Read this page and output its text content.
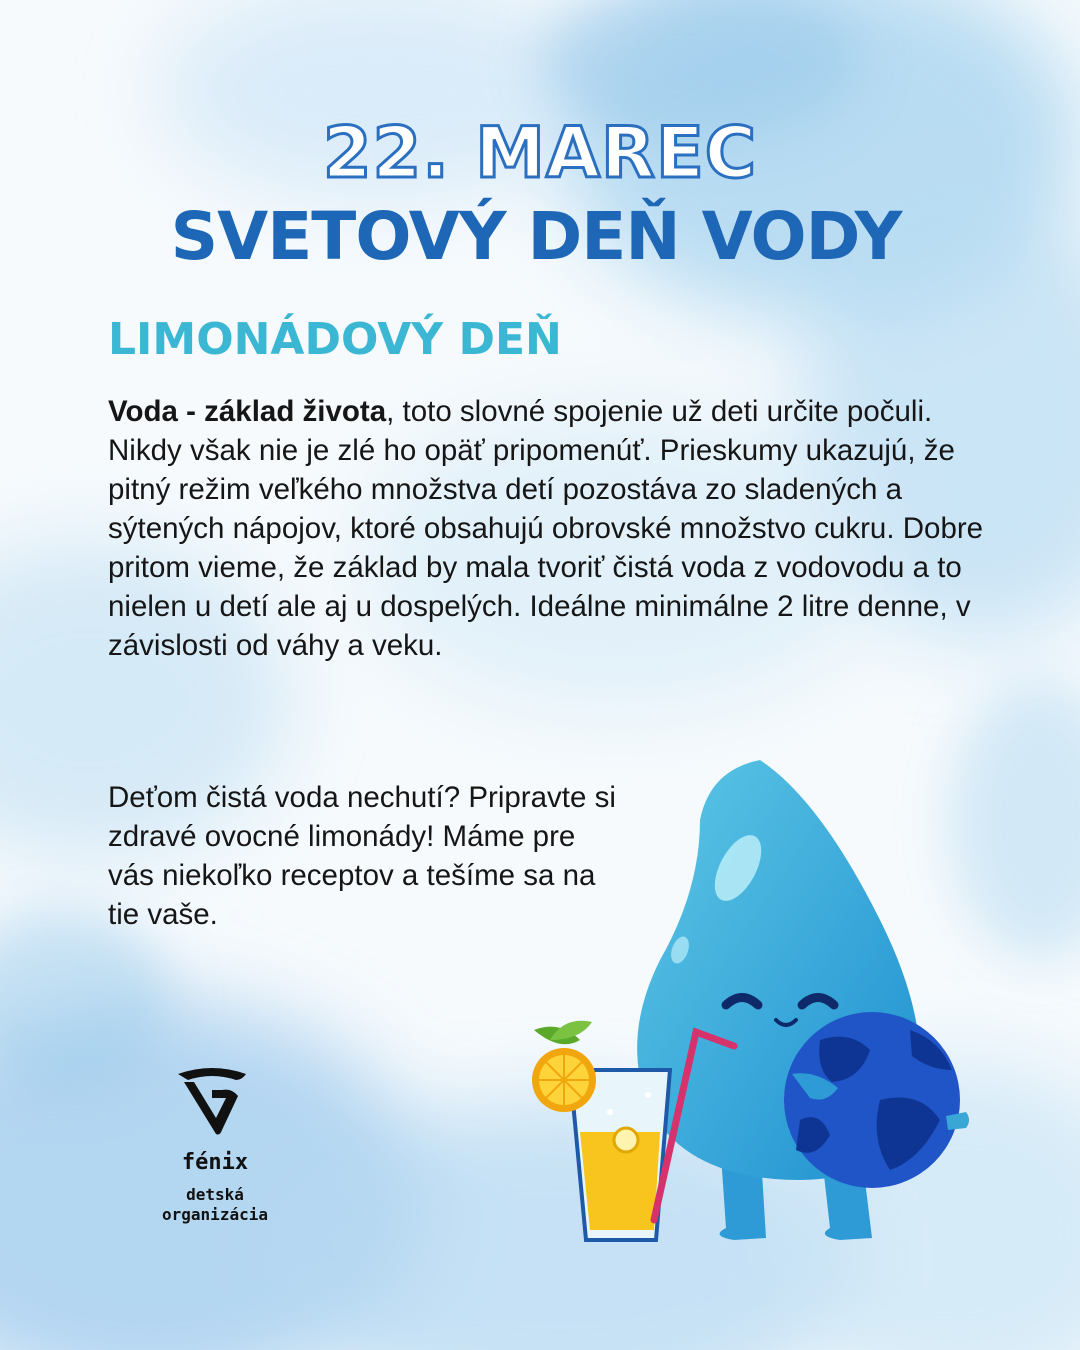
22. MAREC
SVETOVÝ DEŇ VODY
LIMONÁDOVÝ DEŇ
Voda - základ života, toto slovné spojenie už deti určite počuli. Nikdy však nie je zlé ho opäť pripomenúť. Prieskumy ukazujú, že pitný režim veľkého množstva detí pozostáva zo sladených a sýtených nápojov, ktoré obsahujú obrovské množstvo cukru. Dobre pritom vieme, že základ by mala tvoriť čistá voda z vodovodu a to nielen u detí ale aj u dospelých. Ideálne minimálne 2 litre denne, v závislosti od váhy a veku.
Deťom čistá voda nechutí? Pripravte si zdravé ovocné limonády! Máme pre vás niekoľko receptov a tešíme sa na tie vaše.
fénix
detská
organizácia
